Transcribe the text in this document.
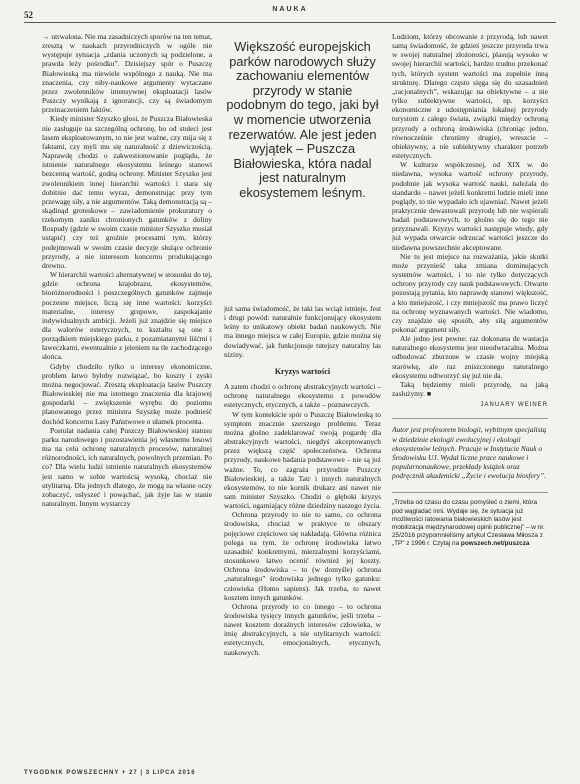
52
NAUKA

→ utrwalona. Nie ma zasadniczych sporów na ten temat, zresztą w naukach przyrodniczych w ogóle nie występuje sytuacja „zdania uczonych są podzielone, a prawda leży pośrodku”. Dzisiejszy spór o Puszczę Białowieską ma niewiele wspólnego z nauką. Nie ma znaczenia, czy niby-naukowe argumenty wytaczane przez zwolenników intensywnej eksploatacji lasów Puszczy wynikają z ignorancji, czy są świadomym przeinaczeniem faktów.

Kiedy minister Szyszko głosi, że Puszcza Białowieska nie zasługuje na szczególną ochronę, bo od stuleci jest lasem eksploatowanym, to nie jest ważne, czy mija się z faktami, czy myli mu się naturalność z dziewiczością. Naprawdę chodzi o zakwestionowanie poglądu, że istnienie naturalnego ekosystemu leśnego stanowi bezcenną wartość, godną ochrony. Minister Szyszko jest zwolennikiem innej hierarchii wartości i stara się dobitnie dać temu wyraz, demonstrując przy tym przewagę siły, a nie argumentów. Taką demonstracją są – skądinąd groteskowe – zawiadomienie prokuratury o rzekomym zaniku chronionych gatunków z doliny Rospudy (gdzie w swoim czasie minister Szyszko musiał ustąpić) czy też groźnie procesami tym, którzy podejmowali w swoim czasie decyzje służące ochronie przyrody, a nie interesom koncernu produkującego drewno.

W hierarchii wartości alternatywnej w stosunku do tej, gdzie ochrona krajobrazu, ekosystemów, bioróżnorodności i poszczególnych gatunków zajmuje poczesne miejsce, liczą się inne wartości: korzyści materialne, interesy grupowe, zaspokajanie indywidualnych ambicji. Jeżeli już znajdzie się miejsce dla walorów estetycznych, to kształtu są one z porządkiem miejskiego parku, z pozamiatanymi liśćmi i ławeczkami, ewentualnie z jeleniem na tle zachodzącego słońca.

Gdyby chodziło tylko o interesy ekonomiczne, problem łatwo byłoby rozwiązać, bo koszty i zyski można negocjować. Zresztą eksploatacja lasów Puszczy Białowieskiej nie ma istotnego znaczenia dla krajowej gospodarki – zwiększenie wyrębu do poziomu planowanego przez ministra Szyszkę może podnieść dochód koncernu Lasy Państwowe o ułamek procenta.

Postulat nadania całej Puszczy Białowieskiej statusu parku narodowego i pozostawienia jej własnemu losowi ma na celu ochronę naturalnych procesów, naturalnej różnorodności, ich naturalnych, powolnych przemian. Po co? Dla wielu ludzi istnienie naturalnych ekosystemów jest samo w sobie wartością wysoką, chociaż nie utylitarną. Dla jednych dlatego, że mogą na własne oczy zobaczyć, usłyszeć i powąchać, jak żyje las w stanie naturalnym. Innym wystarczy

Większość europejskich parków narodowych służy zachowaniu elementów przyrody w stanie podobnym do tego, jaki był w momencie utworzenia rezerwatów. Ale jest jeden wyjątek – Puszcza Białowieska, która nadal jest naturalnym ekosystemem leśnym.

już sama świadomość, że taki las wciąż istnieje. Jest i drugi powód: naturalnie funkcjonujący ekosystem leśny to unikatowy obiekt badań naukowych. Nie ma innego miejsca w całej Europie, gdzie można się dowiadywać, jak funkcjonuje tutejszy naturalny las niziny.

Kryzys wartości

A zatem chodzi o ochronę abstrakcyjnych wartości – ochronę naturalnego ekosystemu z powodów estetycznych, etycznych, a także – poznawczych.

W tym kontekście spór o Puszczę Białowieską to symptom znacznie szerszego problemu. Teraz można głośno zadeklarować swoją pogardę dla abstrakcyjnych wartości, niegdyś akceptowanych przez większą część społeczeństwa. Ochrona przyrody, naukowe badania podstawowe – nie są już ważne. To, co zagraża przyrodzie Puszczy Białowieskiej, a także Tatr i innych naturalnych ekosystemów, to nie kornik drukarz ani nawet nie sam minister Szyszko. Chodzi o głęboki kryzys wartości, ogarniający różne dziedziny naszego życia.

Ochrona przyrody to nie to samo, co ochrona środowiska, chociaż w praktyce te obszary pojęciowe częściowo się nakładają. Główna różnica polega na tym, że ochronę środowiska łatwo uzasadnić konkretnymi, mierzalnymi korzyściami, stosunkowo łatwo ocenić również jej koszty. Ochrona środowiska – to (w domyśle) ochrona „naturalnego” środowiska jednego tylko gatunku: człowieka (Homo sapiens). Jak trzeba, to nawet kosztem innych gatunków.

Ochrona przyrody to co innego – to ochrona środowiska tysięcy innych gatunków, jeśli trzeba – nawet kosztem doraźnych interesów człowieka, w imię abstrakcyjnych, a nie utylitarnych wartości: estetycznych, emocjonalnych, etycznych, naukowych.

Ludziom, którzy obcowanie z przyrodą, lub nawet samą świadomość, że gdzieś jeszcze przyroda trwa w swojej naturalnej złożoności, plasują wysoko w swojej hierarchii wartości, bardzo trudno przekonać tych, których system wartości ma zupełnie inną strukturę. Dlatego często sięga się do uzasadnień „racjonalnych”, wskazując na obiektywne – a nie tylko subiektywne wartości, np. korzyści ekonomiczne z udostępniania lokalnej przyrody turystom z całego świata, związki między ochroną przyrody a ochroną środowiska (chroniąc jedno, równocześnie chronimy drugie), wreszcie – obiektywny, a nie subiektywny charakter potrzeb estetycznych.

W kulturze współczesnej, od XIX w. do niedawna, wysoka wartość ochrony przyrody, podobnie jak wysoka wartość nauki, należała do standardu – nawet jeżeli konkretni ludzie mieli inne poglądy, to nie wypadało ich ujawniać. Nawet jeżeli praktycznie dewastowali przyrodę lub nie wspierali badań podstawowych, to głośno się do tego nie przyznawali. Kryzys wartości następuje wtedy, gdy już wypada otwarcie odrzucać wartości jeszcze do niedawna powszechnie akceptowane.

Nie tu jest miejsce na rozważania, jakie skutki może przynieść taka zmiana dominujących systemów wartości, i to nie tylko dotyczących ochrony przyrody czy nauk podstawowych. Otwarte pozostają pytania, kto naprawdę stanowi większość, a kto mniejszość, i czy mniejszość ma prawo liczyć na ochronę wyznawanych wartości. Nie wiadomo, czy znajdzie się sposób, aby siłą argumentów pokonać argument siły.

Ale jedno jest pewne: raz dokonana de wastacja naturalnego ekosystemu jest nieodwracalna. Można odbudować zburzone w czasie wojny miejską starówkę, ale raz zniszczonego naturalnego ekosystemu odtworzyć się już nie da.

Taką będziemy mieli przyrodę, na jaką zasłużymy. ■

JANUARY WEINER
Autor jest profesorem biologii, wybitnym specjalistą w dziedzinie ekologii ewolucyjnej i ekologii ekosystemów leśnych. Pracuje w Instytucie Nauk o Środowisku UJ. Wydał liczne prace naukowe i popularnonaukowe, przekłady książek oraz podręcznik akademicki „Życie i ewolucja biosfery”.
„Trzeba od czasu do czasu pomyśleć o ziemi, która pod wągladać inni. Wydaje się, że sytuacja już możliwości ratowania białowieskich lasów jest mobilizacja międzynarodowej opinii publicznej” – w nr. 25/2016 przypomnieliśmy artykuł Czesława Miłosza z „TP” z 1996 r. Czytaj na powszech.net/puszcza
TYGODNIK POWSZECHNY + 27 | 3 LIPCA 2016
